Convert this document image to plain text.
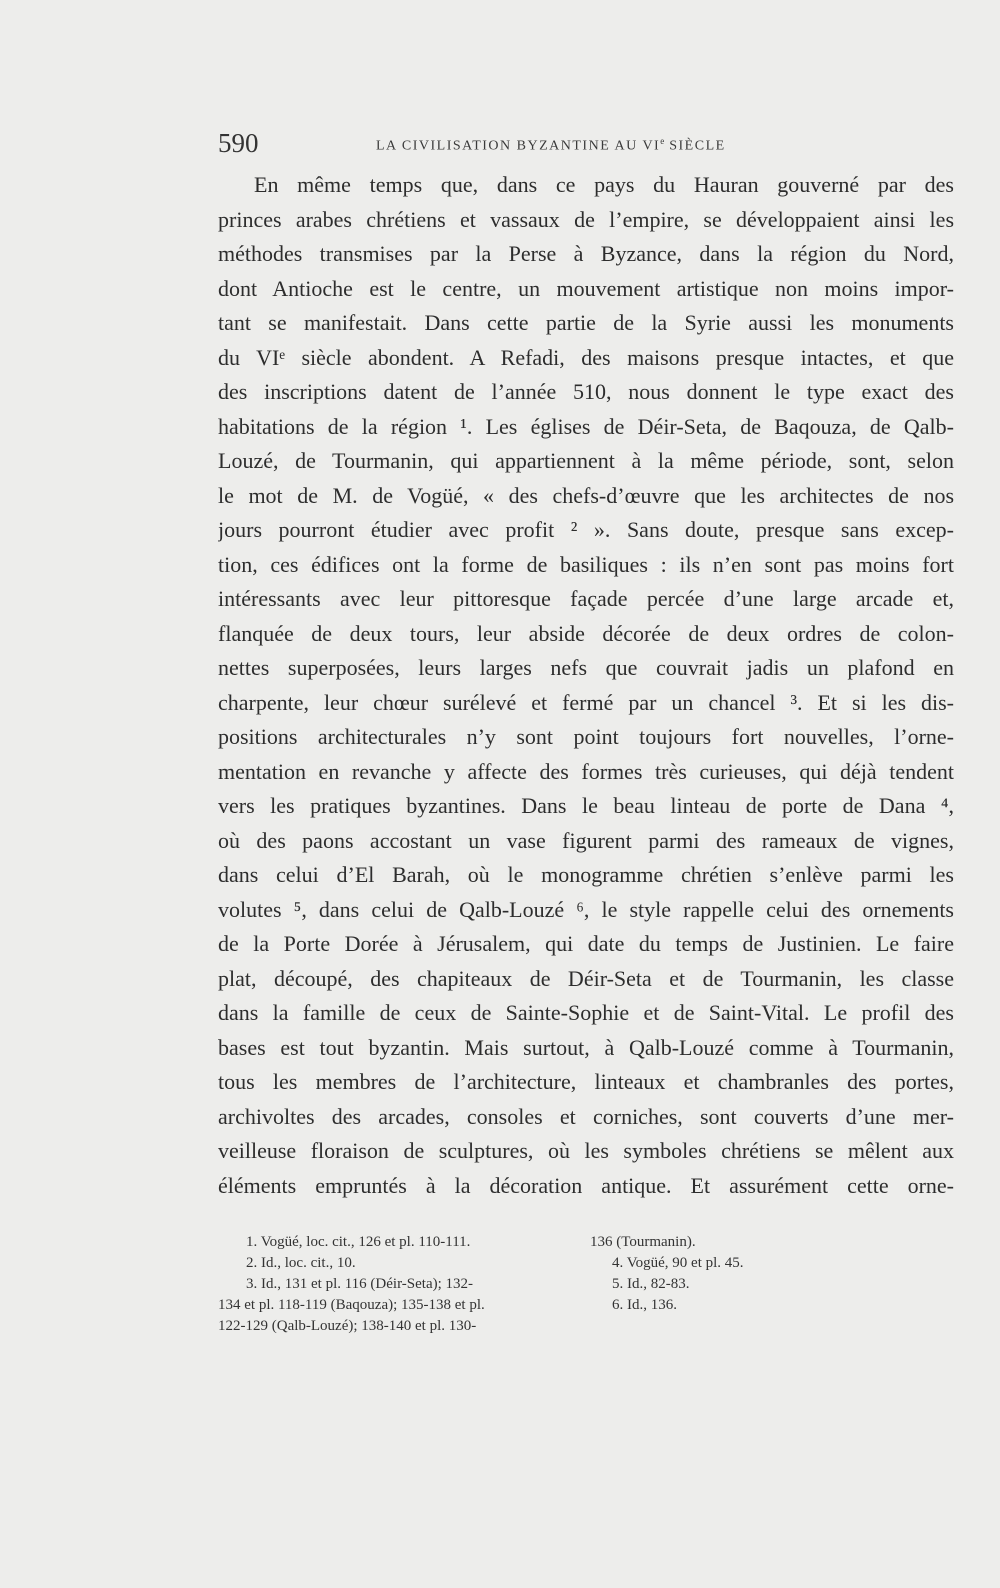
590	LA CIVILISATION BYZANTINE AU VIe SIÈCLE
En même temps que, dans ce pays du Hauran gouverné par des
princes arabes chrétiens et vassaux de l’empire, se développaient ainsi les
méthodes transmises par la Perse à Byzance, dans la région du Nord,
dont Antioche est le centre, un mouvement artistique non moins impor-
tant se manifestait. Dans cette partie de la Syrie aussi les monuments
du VIᵉ siècle abondent. A Refadi, des maisons presque intactes, et que
des inscriptions datent de l’année 510, nous donnent le type exact des
habitations de la région ¹. Les églises de Déir-Seta, de Baqouza, de Qalb-
Louzé, de Tourmanin, qui appartiennent à la même période, sont, selon
le mot de M. de Vogüé, « des chefs-d’œuvre que les architectes de nos
jours pourront étudier avec profit ² ». Sans doute, presque sans excep-
tion, ces édifices ont la forme de basiliques : ils n’en sont pas moins fort
intéressants avec leur pittoresque façade percée d’une large arcade et,
flanquée de deux tours, leur abside décorée de deux ordres de colon-
nettes superposées, leurs larges nefs que couvrait jadis un plafond en
charpente, leur chœur surélevé et fermé par un chancel ³. Et si les dis-
positions architecturales n’y sont point toujours fort nouvelles, l’orne-
mentation en revanche y affecte des formes très curieuses, qui déjà tendent
vers les pratiques byzantines. Dans le beau linteau de porte de Dana ⁴,
où des paons accostant un vase figurent parmi des rameaux de vignes,
dans celui d’El Barah, où le monogramme chrétien s’enlève parmi les
volutes ⁵, dans celui de Qalb-Louzé ⁶, le style rappelle celui des ornements
de la Porte Dorée à Jérusalem, qui date du temps de Justinien. Le faire
plat, découpé, des chapiteaux de Déir-Seta et de Tourmanin, les classe
dans la famille de ceux de Sainte-Sophie et de Saint-Vital. Le profil des
bases est tout byzantin. Mais surtout, à Qalb-Louzé comme à Tourmanin,
tous les membres de l’architecture, linteaux et chambranles des portes,
archivoltes des arcades, consoles et corniches, sont couverts d’une mer-
veilleuse floraison de sculptures, où les symboles chrétiens se mêlent aux
éléments empruntés à la décoration antique. Et assurément cette orne-
1. Vogüé, loc. cit., 126 et pl. 110-111.
2. Id., loc. cit., 10.
3. Id., 131 et pl. 116 (Déir-Seta); 132-
134 et pl. 118-119 (Baqouza); 135-138 et pl.
122-129 (Qalb-Louzé); 138-140 et pl. 130-
136 (Tourmanin).
4. Vogüé, 90 et pl. 45.
5. Id., 82-83.
6. Id., 136.
